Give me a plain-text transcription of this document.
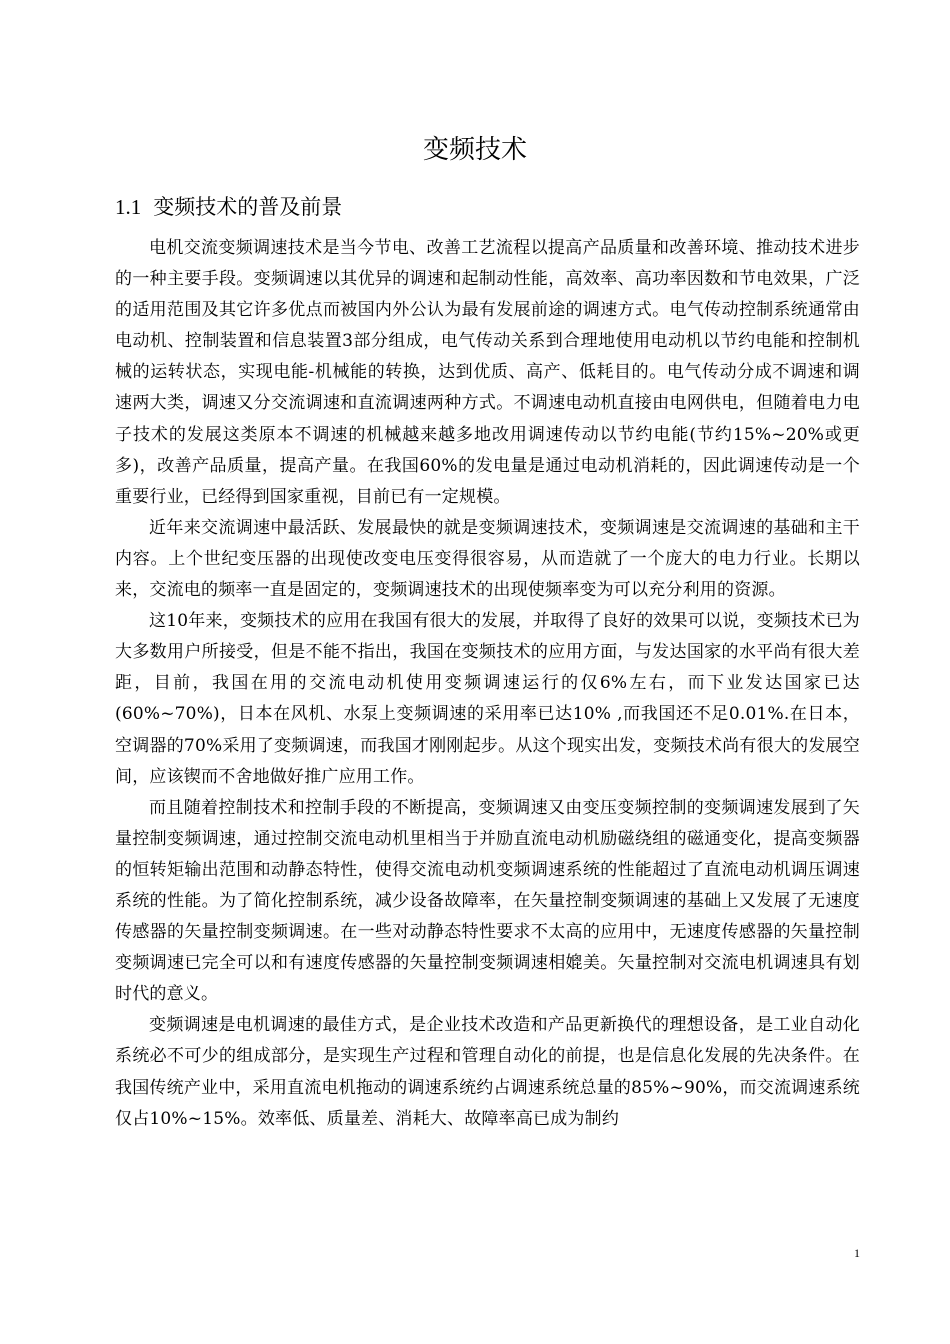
变频技术
1.1 变频技术的普及前景

电机交流变频调速技术是当今节电、改善工艺流程以提高产品质量和改善环境、推动技术进步的一种主要手段。变频调速以其优异的调速和起制动性能，高效率、高功率因数和节电效果，广泛的适用范围及其它许多优点而被国内外公认为最有发展前途的调速方式。电气传动控制系统通常由电动机、控制装置和信息装置3部分组成，电气传动关系到合理地使用电动机以节约电能和控制机械的运转状态，实现电能-机械能的转换，达到优质、高产、低耗目的。电气传动分成不调速和调速两大类，调速又分交流调速和直流调速两种方式。不调速电动机直接由电网供电，但随着电力电子技术的发展这类原本不调速的机械越来越多地改用调速传动以节约电能(节约15%~20%或更多)，改善产品质量，提高产量。在我国60%的发电量是通过电动机消耗的，因此调速传动是一个重要行业，已经得到国家重视，目前已有一定规模。

近年来交流调速中最活跃、发展最快的就是变频调速技术，变频调速是交流调速的基础和主干内容。上个世纪变压器的出现使改变电压变得很容易，从而造就了一个庞大的电力行业。长期以来，交流电的频率一直是固定的，变频调速技术的出现使频率变为可以充分利用的资源。

这10年来，变频技术的应用在我国有很大的发展，并取得了良好的效果可以说，变频技术已为大多数用户所接受，但是不能不指出，我国在变频技术的应用方面，与发达国家的水平尚有很大差距，目前，我国在用的交流电动机使用变频调速运行的仅6%左右，而下业发达国家已达(60%~70%)，日本在风机、水泵上变频调速的采用率已达10% ,而我国还不足0.01%.在日本，空调器的70%采用了变频调速，而我国才刚刚起步。从这个现实出发，变频技术尚有很大的发展空间，应该锲而不舍地做好推广应用工作。

而且随着控制技术和控制手段的不断提高，变频调速又由变压变频控制的变频调速发展到了矢量控制变频调速，通过控制交流电动机里相当于并励直流电动机励磁绕组的磁通变化，提高变频器的恒转矩输出范围和动静态特性，使得交流电动机变频调速系统的性能超过了直流电动机调压调速系统的性能。为了简化控制系统，减少设备故障率，在矢量控制变频调速的基础上又发展了无速度传感器的矢量控制变频调速。在一些对动静态特性要求不太高的应用中，无速度传感器的矢量控制变频调速已完全可以和有速度传感器的矢量控制变频调速相媲美。矢量控制对交流电机调速具有划时代的意义。

变频调速是电机调速的最佳方式，是企业技术改造和产品更新换代的理想设备，是工业自动化系统必不可少的组成部分，是实现生产过程和管理自动化的前提，也是信息化发展的先决条件。在我国传统产业中，采用直流电机拖动的调速系统约占调速系统总量的85%~90%，而交流调速系统仅占10%~15%。效率低、质量差、消耗大、故障率高已成为制约

1
